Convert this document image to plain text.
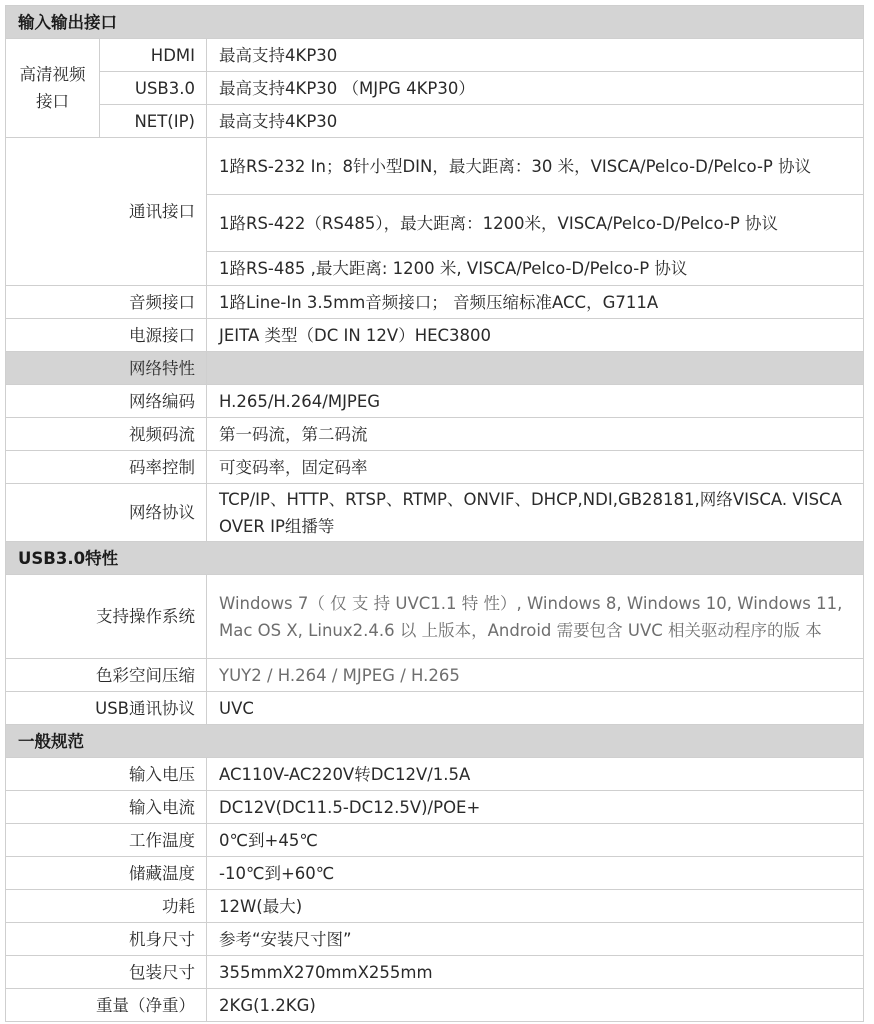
输入输出接口		
高清视频接口	HDMI	最高支持4KP30
	USB3.0	最高支持4KP30 （MJPG 4KP30）
	NET(IP)	最高支持4KP30
通讯接口		1路RS-232 In；8针小型DIN，最大距离：30 米，VISCA/Pelco-D/Pelco-P 协议
		1路RS-422（RS485），最大距离：1200米，VISCA/Pelco-D/Pelco-P 协议
		1路RS-485 ,最大距离: 1200 米, VISCA/Pelco-D/Pelco-P 协议
音频接口		1路Line-In 3.5mm音频接口； 音频压缩标准ACC，G711A
电源接口		JEITA 类型（DC IN 12V）HEC3800
网络特性		
网络编码		H.265/H.264/MJPEG
视频码流		第一码流，第二码流
码率控制		可变码率，固定码率
网络协议		TCP/IP、HTTP、RTSP、RTMP、ONVIF、DHCP,NDI,GB28181,网络VISCA. VISCA OVER IP组播等
USB3.0特性		
支持操作系统		Windows 7（ 仅 支 持 UVC1.1 特 性）, Windows 8, Windows 10, Windows 11, Mac OS X, Linux2.4.6 以 上版本，Android 需要包含 UVC 相关驱动程序的版 本
色彩空间压缩		YUY2 / H.264 / MJPEG / H.265
USB通讯协议		UVC
一般规范		
输入电压		AC110V-AC220V转DC12V/1.5A
输入电流		DC12V(DC11.5-DC12.5V)/POE+
工作温度		0℃到+45℃
储藏温度		-10℃到+60℃
功耗		12W(最大)
机身尺寸		参考“安装尺寸图”
包装尺寸		355mmX270mmX255mm
重量（净重）		2KG(1.2KG)
